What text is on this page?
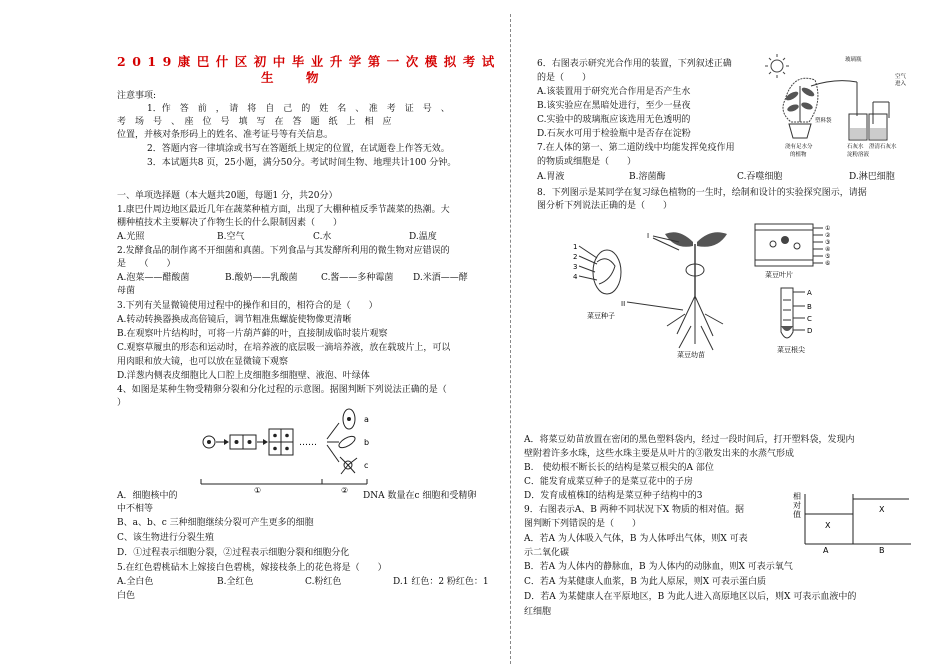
2019康巴什区初中毕业升学第一次模拟考试
生　物
注意事项:
1．作　答　前　，　请　将　自　己　的　姓　名　、　准　考　证　号　、
考　场　号　、　座　位　号　填　写　在　答　题　纸　上　相　应
位置，并核对条形码上的姓名、准考证号等有关信息。
2．答题内容一律填涂或书写在答题纸上规定的位置，在试题卷上作答无效。
3．本试题共8 页，25小题，满分50分。考试时间生物、地理共计100 分钟。
一、单项选择题（本大题共20题，每题1 分，共20分）
1.康巴什周边地区最近几年在蔬菜种植方面，出现了大棚种植反季节蔬菜的热潮。大
棚种植技术主要解决了作物生长的什么限制因素（　　）
A.光照	B.空气	C.水	D.温度
2.发酵食品的制作离不开细菌和真菌。下列食品与其发酵所利用的微生物对应错误的
是　　（　　）
A.泡菜——醋酸菌	B.酸奶——乳酸菌	C.酱——多种霉菌 D.米酒——酵
母菌
3.下列有关显微镜使用过程中的操作和目的，相符合的是（　　）
A.转动转换器换成高倍镜后，调节粗准焦螺旋使物像更清晰
B.在观察叶片结构时，可将一片葫芦藓的叶，直接制成临时装片观察
C.观察草履虫的形态和运动时，在培养液的底层吸一滴培养液，放在载玻片上，可以
用肉眼和放大镜，也可以放在显微镜下观察
D.洋葱内侧表皮细胞比人口腔上皮细胞多细胞壁、液泡、叶绿体
4、如图是某种生物受精卵分裂和分化过程的示意图。据图判断下列说法正确的是（
）
……
a
b
c
①	②
A．细胞核中的	DNA 数量在c 细胞和受精卵
中不相等
B、a、b、c 三种细胞继续分裂可产生更多的细胞
C、该生物进行分裂生殖
D．①过程表示细胞分裂，②过程表示细胞分裂和细胞分化
5.在红色碧桃砧木上嫁接白色碧桃，嫁接枝条上的花色将是（　　）
A.全白色	B.全红色	C.粉红色	D.1 红色：2 粉红色：1
白色
6．右图表示研究光合作用的装置，下列叙述正确
的是（　　）
A.该装置用于研究光合作用是否产生水
B.该实验应在黑暗处进行，至少一昼夜
C.实验中的玻璃瓶应该选用无色透明的
D.石灰水可用于检验瓶中是否存在淀粉
7.在人体的第一、第二道防线中均能发挥免疫作用
的物质或细胞是（　　）
A.胃液	B.溶菌酶	C.吞噬细胞	D.淋巴细胞
玻璃瓶
空气
进入
塑料袋
浇有足水分
的植物
石灰水
淀粉溶液
澄清石灰水
8．下列图示是某同学在复习绿色植物的一生时，绘制和设计的实验探究图示，请据
图分析下列说法正确的是（　　）
1
2
3
4
菜豆种子
I
II
菜豆幼苗
①
②
③
④
⑤
⑥
菜豆叶片
A
B
C
D
菜豆根尖
A．将菜豆幼苗放置在密闭的黑色塑料袋内，经过一段时间后，打开塑料袋，发现内
壁附着许多水珠，这些水珠主要是从叶片的③散发出来的水蒸气形成
B.　使幼根不断长长的结构是菜豆根尖的A 部位
C．能发育成菜豆种子的是菜豆花中的子房
D．发育成植株Ⅰ的结构是菜豆种子结构中的3
9．右图表示A、B 两种不同状况下X 物质的相对值。据
图判断下列错误的是（　　）
A．若A 为人体吸入气体，B 为人体呼出气体，则X 可表
示二氧化碳
B．若A 为人体内的静脉血，B 为人体内的动脉血，则X 可表示氧气
C．若A 为某健康人血浆，B 为此人原尿，则X 可表示蛋白质
D．若A 为某健康人在平原地区，B 为此人进入高原地区以后，则X 可表示血液中的
红细胞
相
对
值
X
X
A	B
